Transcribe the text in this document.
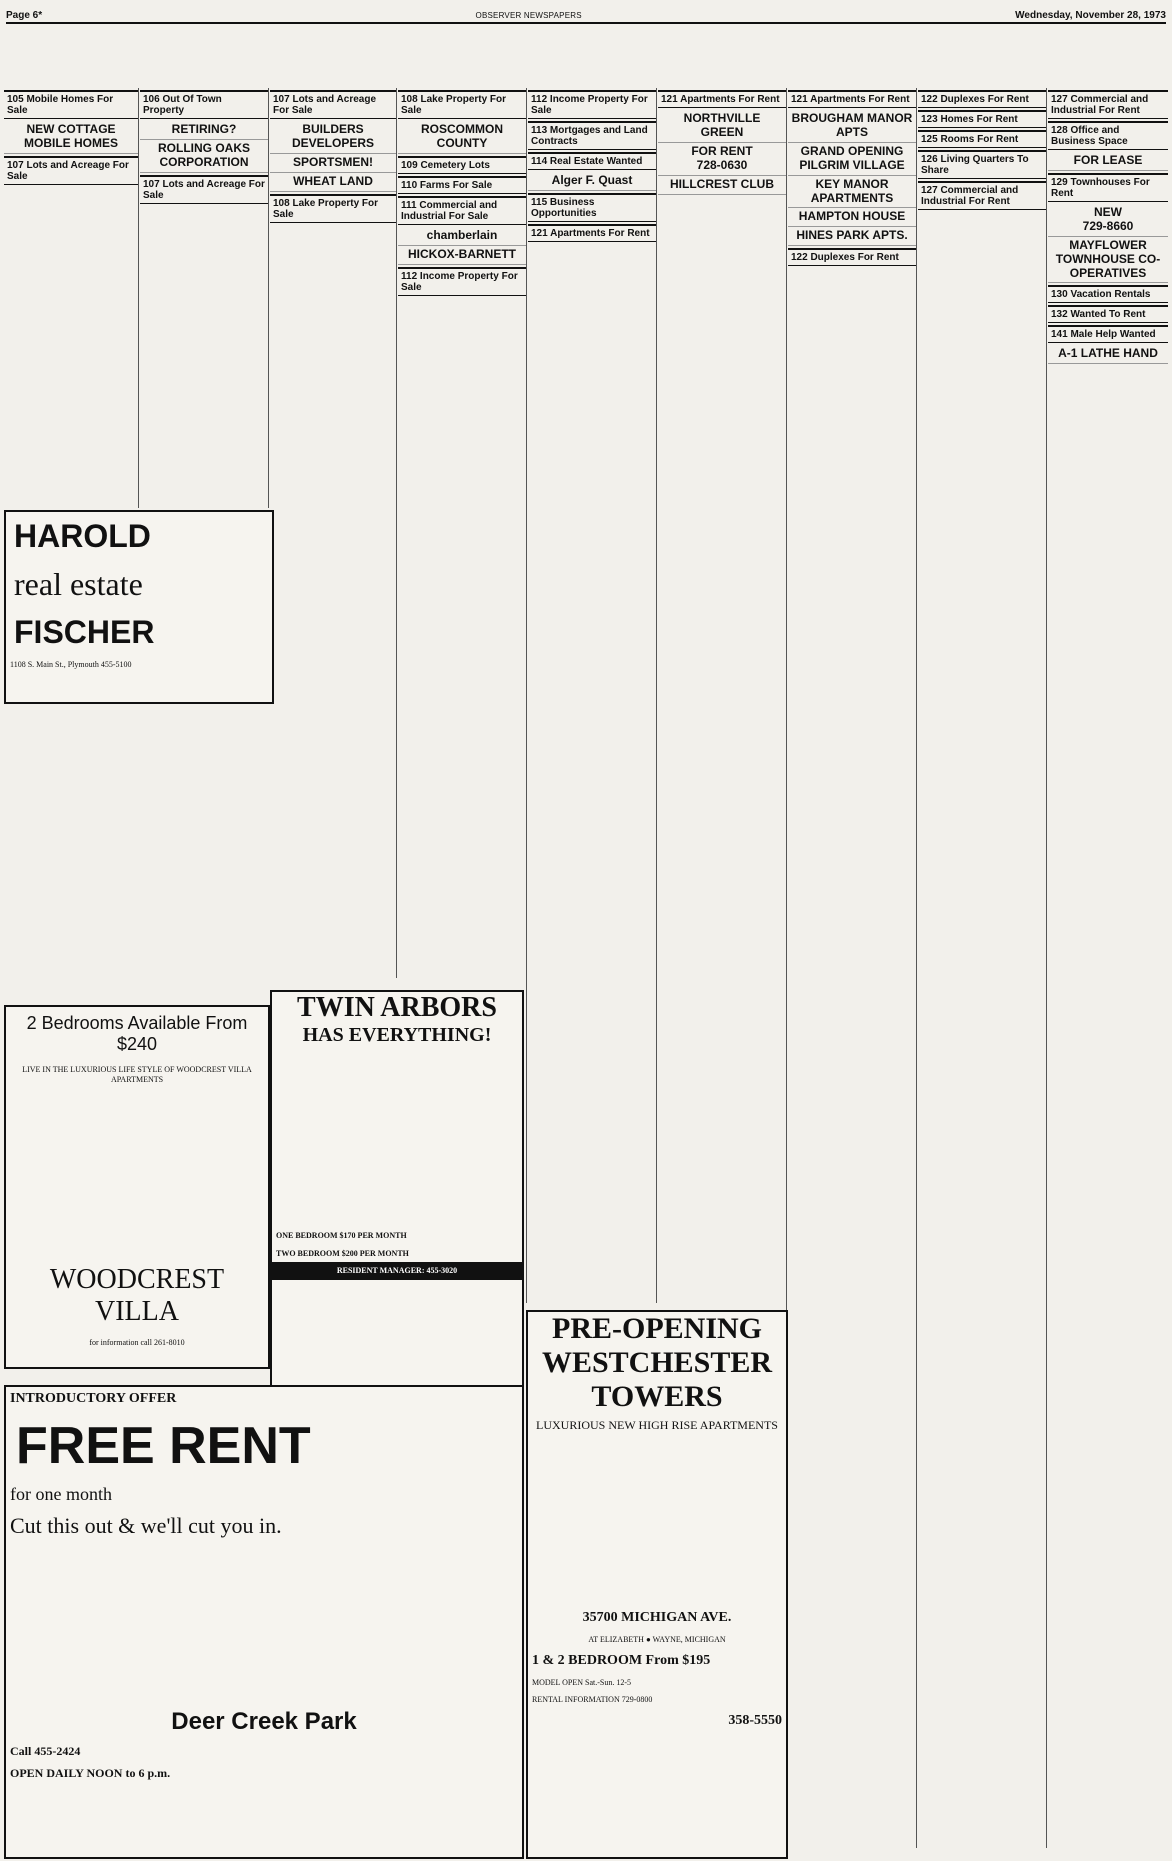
Page 6*	OBSERVER NEWSPAPERS	Wednesday, November 28, 1973
105 Mobile Homes For Sale
NEW COTTAGE MOBILE HOMES
107 Lots and Acreage For Sale
106 Out Of Town Property
RETIRING?
ROLLING OAKS CORPORATION
107 Lots and Acreage For Sale
107 Lots and Acreage For Sale
BUILDERS DEVELOPERS
SPORTSMEN!
WHEAT LAND
108 Lake Property For Sale
108 Lake Property For Sale
ROSCOMMON COUNTY
109 Cemetery Lots
110 Farms For Sale
111 Commercial and Industrial For Sale
chamberlain
HICKOX-BARNETT
112 Income Property For Sale
112 Income Property For Sale
113 Mortgages and Land Contracts
114 Real Estate Wanted
Alger F. Quast
115 Business Opportunities
121 Apartments For Rent
121 Apartments For Rent
NORTHVILLE GREEN
FOR RENT
728-0630
HILLCREST CLUB
121 Apartments For Rent
BROUGHAM MANOR APTS
GRAND OPENING PILGRIM VILLAGE
KEY MANOR APARTMENTS
HAMPTON HOUSE
HINES PARK APTS.
122 Duplexes For Rent
122 Duplexes For Rent
123 Homes For Rent
125 Rooms For Rent
126 Living Quarters To Share
127 Commercial and Industrial For Rent
127 Commercial and Industrial For Rent
128 Office and Business Space
FOR LEASE
129 Townhouses For Rent
NEW
729-8660
MAYFLOWER TOWNHOUSE CO-OPERATIVES
130 Vacation Rentals
132 Wanted To Rent
141 Male Help Wanted
A-1 LATHE HAND
HAROLD
real estate
FISCHER
1108 S. Main St., Plymouth 455-5100
2 Bedrooms Available From $240
LIVE IN THE LUXURIOUS LIFE STYLE OF WOODCREST VILLA APARTMENTS
WOODCREST VILLA
for information call 261-8010
TWIN ARBORS
HAS EVERYTHING!
ONE BEDROOM $170 PER MONTH
TWO BEDROOM $200 PER MONTH
RESIDENT MANAGER: 455-3020
INTRODUCTORY OFFER
FREE RENT
for one month
Cut this out & we'll cut you in.
Deer Creek Park
Call 455-2424
OPEN DAILY NOON to 6 p.m.
PRE-OPENING WESTCHESTER TOWERS
LUXURIOUS NEW HIGH RISE APARTMENTS
35700 MICHIGAN AVE.
AT ELIZABETH ● WAYNE, MICHIGAN
1 & 2 BEDROOM From $195
MODEL OPEN Sat.-Sun. 12-5
RENTAL INFORMATION 729-0800
358-5550
